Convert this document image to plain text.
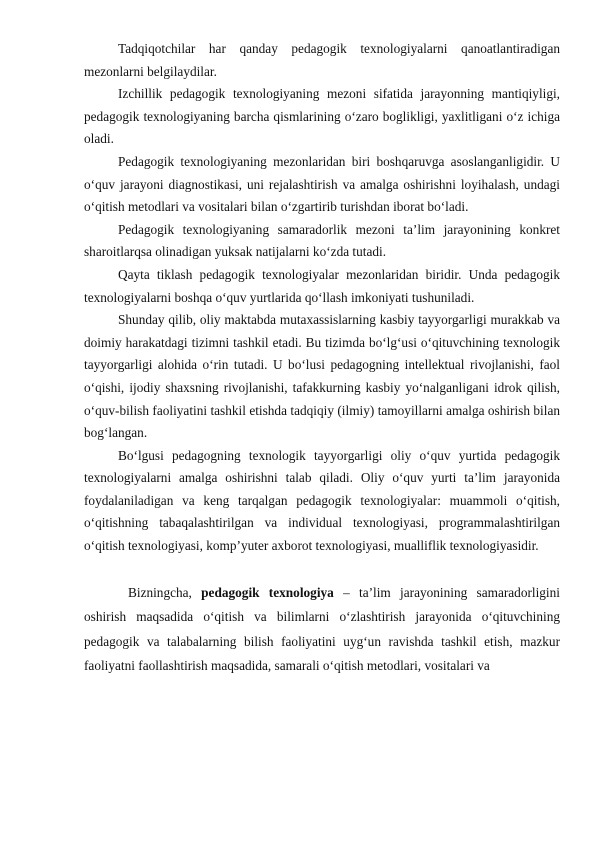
Tadqiqotchilar har qanday pedagogik texnologiyalarni qanoatlantiradigan mezonlarni belgilaydilar.

Izchillik pedagogik texnologiyaning mezoni sifatida jarayonning mantiqiyligi, pedagogik texnologiyaning barcha qismlarining o‘zaro boglikligi, yaxlitligani o‘z ichiga oladi.

Pedagogik texnologiyaning mezonlaridan biri boshqaruvga asoslanganligidir. U o‘quv jarayoni diagnostikasi, uni rejalashtirish va amalga oshirishni loyihalash, undagi o‘qitish metodlari va vositalari bilan o‘zgartirib turishdan iborat bo‘ladi.

Pedagogik texnologiyaning samaradorlik mezoni ta’lim jarayonining konkret sharoitlarqsa olinadigan yuksak natijalarni ko‘zda tutadi.

Qayta tiklash pedagogik texnologiyalar mezonlaridan biridir. Unda pedagogik texnologiyalarni boshqa o‘quv yurtlarida qo‘llash imkoniyati tushuniladi.

Shunday qilib, oliy maktabda mutaxassislarning kasbiy tayyorgarligi murakkab va doimiy harakatdagi tizimni tashkil etadi. Bu tizimda bo‘lg‘usi o‘qituvchining texnologik tayyorgarligi alohida o‘rin tutadi. U bo‘lusi pedagogning intellektual rivojlanishi, faol o‘qishi, ijodiy shaxsning rivojlanishi, tafakkurning kasbiy yo‘nalganligani idrok qilish, o‘quv-bilish faoliyatini tashkil etishda tadqiqiy (ilmiy) tamoyillarni amalga oshirish bilan bog‘langan.

Bo‘lgusi pedagogning texnologik tayyorgarligi oliy o‘quv yurtida pedagogik texnologiyalarni amalga oshirishni talab qiladi. Oliy o‘quv yurti ta’lim jarayonida foydalaniladigan va keng tarqalgan pedagogik texnologiyalar: muammoli o‘qitish, o‘qitishning tabaqalashtirilgan va individual texnologiyasi, programmalashtirilgan o‘qitish texnologiyasi, komp’yuter axborot texnologiyasi, mualliflik texnologiyasidir.

Bizningcha, pedagogik texnologiya – ta’lim jarayonining samaradorligini oshirish maqsadida o‘qitish va bilimlarni o‘zlashtirish jarayonida o‘qituvchining pedagogik va talabalarning bilish faoliyatini uyg‘un ravishda tashkil etish, mazkur faoliyatni faollashtirish maqsadida, samarali o‘qitish metodlari, vositalari va
